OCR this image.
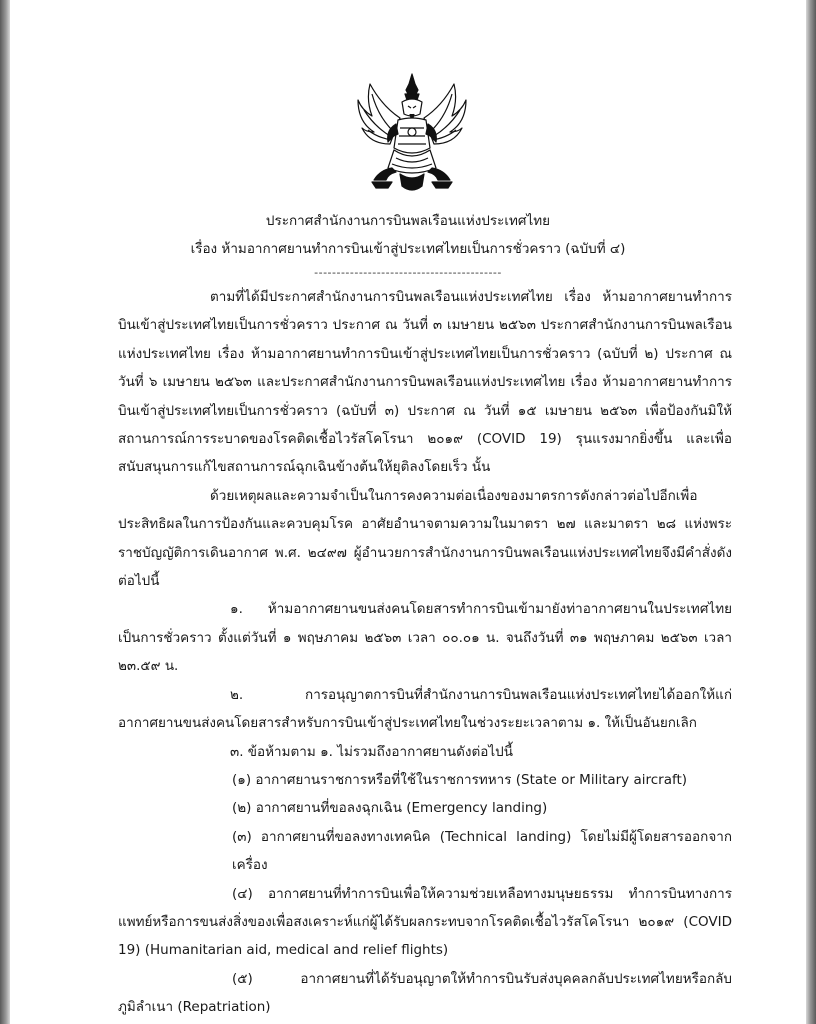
ประกาศสำนักงานการบินพลเรือนแห่งประเทศไทย
เรื่อง ห้ามอากาศยานทำการบินเข้าสู่ประเทศไทยเป็นการชั่วคราว (ฉบับที่ ๔)
------------------------------------------

ตามที่ได้มีประกาศสำนักงานการบินพลเรือนแห่งประเทศไทย เรื่อง ห้ามอากาศยานทำการบินเข้าสู่ประเทศไทยเป็นการชั่วคราว ประกาศ ณ วันที่ ๓ เมษายน ๒๕๖๓ ประกาศสำนักงานการบินพลเรือนแห่งประเทศไทย เรื่อง ห้ามอากาศยานทำการบินเข้าสู่ประเทศไทยเป็นการชั่วคราว (ฉบับที่ ๒) ประกาศ ณ วันที่ ๖ เมษายน ๒๕๖๓ และประกาศสำนักงานการบินพลเรือนแห่งประเทศไทย เรื่อง ห้ามอากาศยานทำการบินเข้าสู่ประเทศไทยเป็นการชั่วคราว (ฉบับที่ ๓) ประกาศ ณ วันที่ ๑๕ เมษายน ๒๕๖๓ เพื่อป้องกันมิให้สถานการณ์การระบาดของโรคติดเชื้อไวรัสโคโรนา ๒๐๑๙ (COVID 19) รุนแรงมากยิ่งขึ้น และเพื่อสนับสนุนการแก้ไขสถานการณ์ฉุกเฉินข้างต้นให้ยุติลงโดยเร็ว นั้น

ด้วยเหตุผลและความจำเป็นในการคงความต่อเนื่องของมาตรการดังกล่าวต่อไปอีกเพื่อประสิทธิผลในการป้องกันและควบคุมโรค อาศัยอำนาจตามความในมาตรา ๒๗ และมาตรา ๒๘ แห่งพระราชบัญญัติการเดินอากาศ พ.ศ. ๒๔๙๗ ผู้อำนวยการสำนักงานการบินพลเรือนแห่งประเทศไทยจึงมีคำสั่งดังต่อไปนี้

๑. ห้ามอากาศยานขนส่งคนโดยสารทำการบินเข้ามายังท่าอากาศยานในประเทศไทยเป็นการชั่วคราว ตั้งแต่วันที่ ๑ พฤษภาคม ๒๕๖๓ เวลา ๐๐.๐๑ น. จนถึงวันที่ ๓๑ พฤษภาคม ๒๕๖๓ เวลา ๒๓.๕๙ น.

๒. การอนุญาตการบินที่สำนักงานการบินพลเรือนแห่งประเทศไทยได้ออกให้แก่อากาศยานขนส่งคนโดยสารสำหรับการบินเข้าสู่ประเทศไทยในช่วงระยะเวลาตาม ๑. ให้เป็นอันยกเลิก

๓. ข้อห้ามตาม ๑. ไม่รวมถึงอากาศยานดังต่อไปนี้

(๑) อากาศยานราชการหรือที่ใช้ในราชการทหาร (State or Military aircraft)

(๒) อากาศยานที่ขอลงฉุกเฉิน (Emergency landing)

(๓) อากาศยานที่ขอลงทางเทคนิค (Technical landing) โดยไม่มีผู้โดยสารออกจากเครื่อง

(๔) อากาศยานที่ทำการบินเพื่อให้ความช่วยเหลือทางมนุษยธรรม ทำการบินทางการแพทย์หรือการขนส่งสิ่งของเพื่อสงเคราะห์แก่ผู้ได้รับผลกระทบจากโรคติดเชื้อไวรัสโคโรนา ๒๐๑๙ (COVID 19) (Humanitarian aid, medical and relief flights)

(๕) อากาศยานที่ได้รับอนุญาตให้ทำการบินรับส่งบุคคลกลับประเทศไทยหรือกลับภูมิลำเนา (Repatriation)
